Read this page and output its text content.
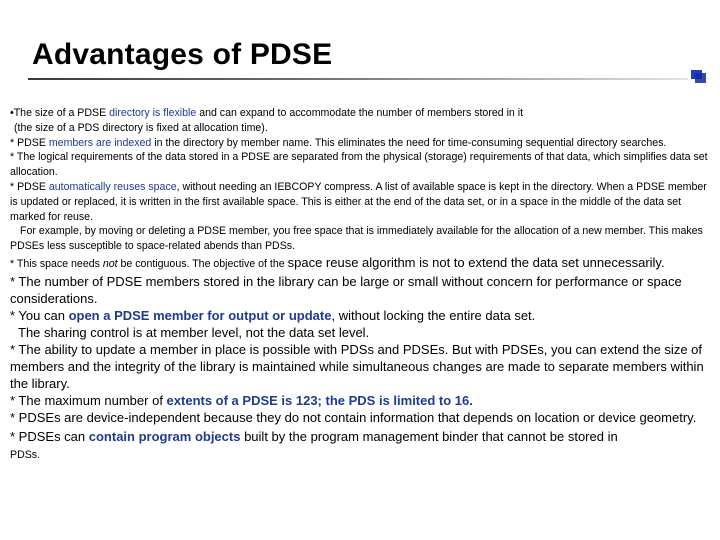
Advantages of PDSE

•The size of a PDSE directory is flexible and can expand to accommodate the number of members stored in it

(the size of a PDS directory is fixed at allocation time).

* PDSE members are indexed in the directory by member name. This eliminates the need for time-consuming sequential directory searches.

* The logical requirements of the data stored in a PDSE are separated from the physical (storage) requirements of that data, which simplifies data set allocation.

* PDSE automatically reuses space, without needing an IEBCOPY compress. A list of available space is kept in the directory. When a PDSE member is updated or replaced, it is written in the first available space. This is either at the end of the data set, or in a space in the middle of the data set marked for reuse.

For example, by moving or deleting a PDSE member, you free space that is immediately available for the allocation of a new member. This makes PDSEs less susceptible to space-related abends than PDSs.

* This space needs not be contiguous. The objective of the space reuse algorithm is not to extend the data set unnecessarily.

* The number of PDSE members stored in the library can be large or small without concern for performance or space considerations.

* You can open a PDSE member for output or update, without locking the entire data set.

The sharing control is at member level, not the data set level.

* The ability to update a member in place is possible with PDSs and PDSEs. But with PDSEs, you can extend the size of members and the integrity of the library is maintained while simultaneous changes are made to separate members within the library.

* The maximum number of extents of a PDSE is 123; the PDS is limited to 16.

* PDSEs are device-independent because they do not contain information that depends on location or device geometry.

* PDSEs can contain program objects built by the program management binder that cannot be stored in

PDSs.
